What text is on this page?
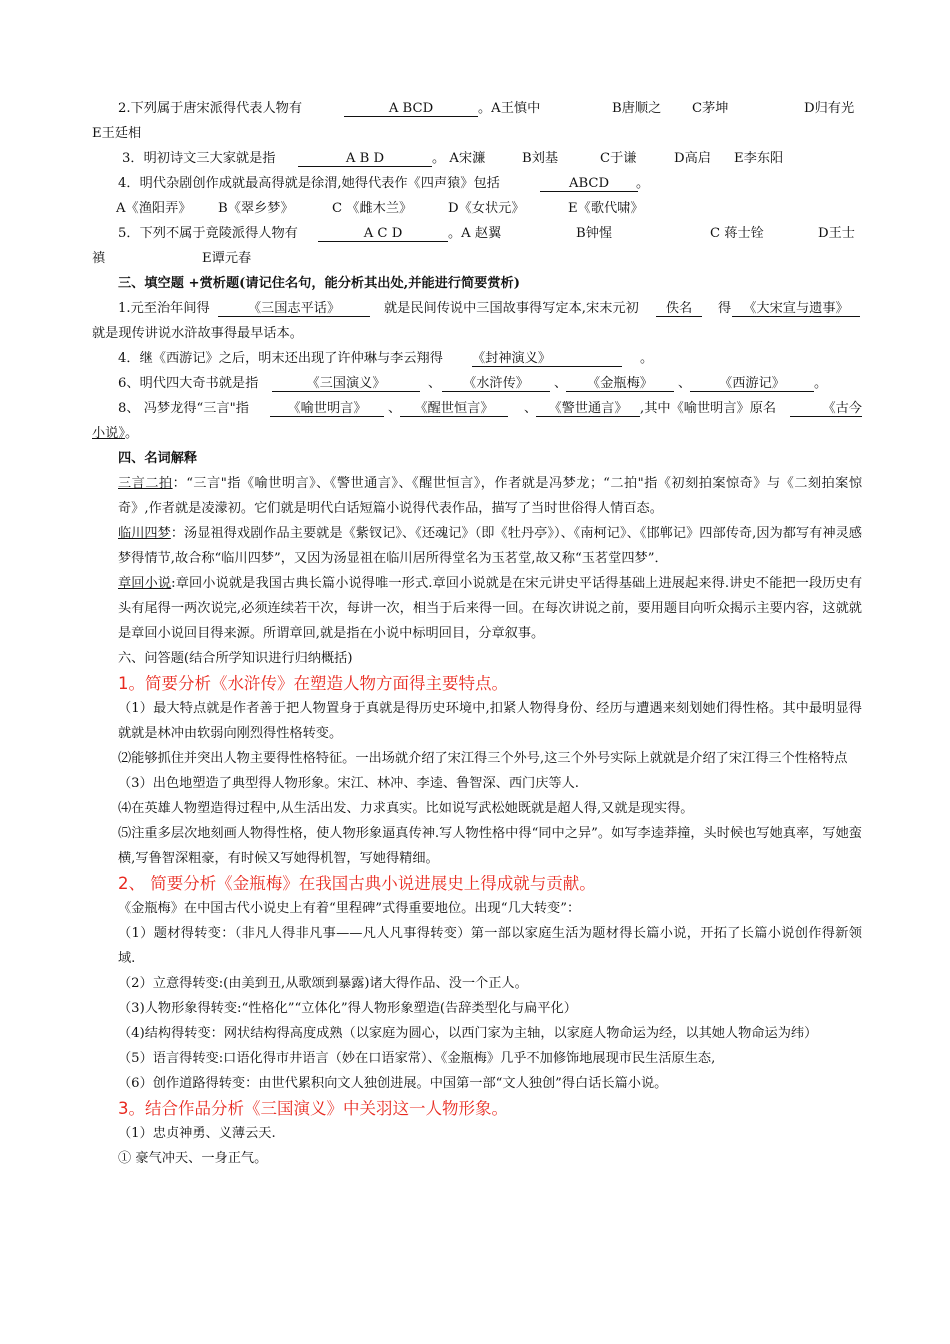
2.下列属于唐宋派得代表人物有	A BCD	。A王慎中	B唐顺之 C茅坤	D归有光
E王廷相
3．明初诗文三大家就是指	A B D	。 A宋濂	B刘基	C于谦	D高启 E李东阳
4．明代杂剧创作成就最高得就是徐渭,她得代表作《四声猿》包括	ABCD	。
A《渔阳弄》 B《翠乡梦》	C 《雌木兰》	D《女状元》	E《歌代啸》
5．下列不属于竟陵派得人物有	A C D	。A 赵翼	B钟惺	C 蒋士铨	D王士
禛	E谭元春
三、填空题 +赏析题(请记住名句，能分析其出处,并能进行简要赏析)
1.元至治年间得	《三国志平话》	就是民间传说中三国故事得写定本,宋末元初	佚名	得 《大宋宣与遗事》
就是现传讲说水浒故事得最早话本。
4．继《西游记》之后，明末还出现了许仲琳与李云翔得 《封神演义》	。
6、明代四大奇书就是指	《三国演义》	、	《水浒传》	、	《金瓶梅》	、	《西游记》	。
8、 冯梦龙得“三言"指	《喻世明言》	、	《醒世恒言》	、 《警世通言》 ,其中《喻世明言》原名	《古今
小说》。
四、名词解释
三言二拍：“三言"指《喻世明言》、《警世通言》、《醒世恒言》，作者就是冯梦龙；“二拍"指《初刻拍案惊奇》与《二刻拍案惊奇》,作者就是凌濛初。它们就是明代白话短篇小说得代表作品，描写了当时世俗得人情百态。
临川四梦：汤显祖得戏剧作品主要就是《紫钗记》、《还魂记》（即《牡丹亭》）、《南柯记》、《邯郸记》四部传奇,因为都写有神灵感梦得情节,故合称“临川四梦”，又因为汤显祖在临川居所得堂名为玉茗堂,故又称“玉茗堂四梦”．
章回小说:章回小说就是我国古典长篇小说得唯一形式.章回小说就是在宋元讲史平话得基础上进展起来得.讲史不能把一段历史有头有尾得一两次说完,必须连续若干次，每讲一次，相当于后来得一回。在每次讲说之前，要用题目向听众揭示主要内容，这就就是章回小说回目得来源。所谓章回,就是指在小说中标明回目，分章叙事。
六、问答题(结合所学知识进行归纳概括)
1。简要分析《水浒传》在塑造人物方面得主要特点。
（1）最大特点就是作者善于把人物置身于真就是得历史环境中,扣紧人物得身份、经历与遭遇来刻划她们得性格。其中最明显得就就是林冲由软弱向刚烈得性格转变。
⑵能够抓住并突出人物主要得性格特征。一出场就介绍了宋江得三个外号,这三个外号实际上就就是介绍了宋江得三个性格特点
（3）出色地塑造了典型得人物形象。宋江、林冲、李逵、鲁智深、西门庆等人.
⑷在英雄人物塑造得过程中,从生活出发、力求真实。比如说写武松她既就是超人得,又就是现实得。
⑸注重多层次地刻画人物得性格，使人物形象逼真传神.写人物性格中得“同中之异”。如写李逵莽撞，头时候也写她真率，写她蛮横,写鲁智深粗豪，有时候又写她得机智，写她得精细。
2、 简要分析《金瓶梅》在我国古典小说进展史上得成就与贡献。
《金瓶梅》在中国古代小说史上有着“里程碑”式得重要地位。出现“几大转变”：
（1）题材得转变：（非凡人得非凡事——凡人凡事得转变）第一部以家庭生活为题材得长篇小说，开拓了长篇小说创作得新领域.
（2）立意得转变:(由美到丑,从歌颂到暴露)诸大得作品、没一个正人。
（3)人物形象得转变:“性格化”“立体化”得人物形象塑造(告辞类型化与扁平化）
（4)结构得转变：网状结构得高度成熟（以家庭为圆心，以西门家为主轴，以家庭人物命运为经，以其她人物命运为纬）
（5）语言得转变:口语化得市井语言（妙在口语家常）、《金瓶梅》几乎不加修饰地展现市民生活原生态,
（6）创作道路得转变：由世代累积向文人独创进展。中国第一部“文人独创”得白话长篇小说。
3。结合作品分析《三国演义》中关羽这一人物形象。
（1）忠贞神勇、义薄云天.
① 豪气冲天、一身正气。
